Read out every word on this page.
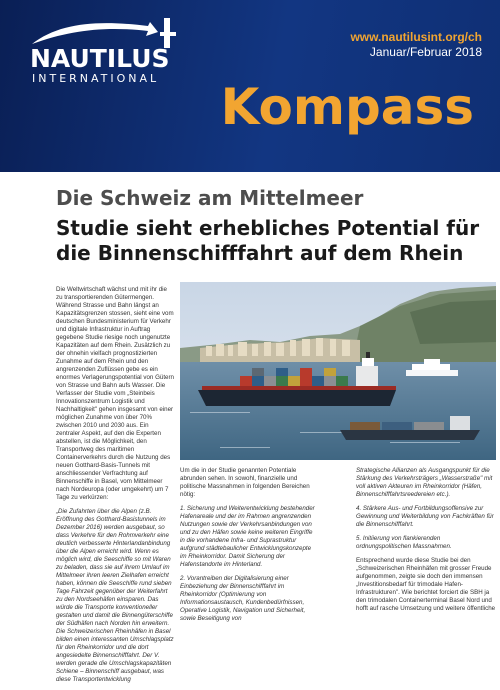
NAUTILUS
INTERNATIONAL
www.nautilusint.org/ch
Januar/Februar 2018
Kompass
Die Schweiz am Mittelmeer
Studie sieht erhebliches Potential für
die Binnenschifffahrt auf dem Rhein

Die Weltwirtschaft wächst und mit ihr die zu transportierenden Gütermengen. Während Strasse und Bahn längst an Kapazitätsgrenzen stossen, sieht eine vom deutschen Bundesministerium für Verkehr und digitale Infrastruktur in Auftrag gegebene Studie riesige noch ungenutzte Kapazitäten auf dem Rhein. Zusätzlich zu der ohnehin vielfach prognostizierten Zunahme auf dem Rhein und den angrenzenden Zuflüssen gebe es ein enormes Verlagerungspotential von Gütern von Strasse und Bahn aufs Wasser. Die Verfasser der Studie vom „Steinbeis Innovationszentrum Logistik und Nachhaltigkeit" gehen insgesamt von einer möglichen Zunahme von über 70% zwischen 2010 und 2030 aus. Ein zentraler Aspekt, auf den die Experten abstellen, ist die Möglichkeit, den Transportweg des maritimen Containerverkehrs durch die Nutzung des neuen Gotthard-Basis-Tunnels mit anschliessender Verfrachtung auf Binnenschiffe in Basel, vom Mittelmeer nach Nordeuropa (oder umgekehrt) um 7 Tage zu verkürzen:

„Die Zufahrten über die Alpen (z.B. Eröffnung des Gotthard-Basistunnels im Dezember 2016) werden ausgebaut, so dass Verkehre für den Rohmverkehr eine deutlich verbesserte Hinterlandanbindung über die Alpen erreicht wird. Wenn es möglich wird, die Seeschiffe so mit Waren zu beladen, dass sie auf ihrem Umlauf im Mittelmeer ihren leeren Zielhafen erreicht haben, können die Seeschiffe rund sieben Tage Fahrzeit gegenüber der Weiterfahrt zu den Nordseehäfen einsparen. Das würde die Transporte konventioneller gestalten und damit die Binnengüterschiffe der Südhäfen nach Norden hin erweitern. Die Schweizerischen Rheinhäfen in Basel bilden einen interessanten Umschlagsplatz für den Rheinkorridor und die dort angesiedelte Binnenschifffahrt. Der V. werden gerade die Umschlagskapazitäten Schiene – Binnenschiff ausgebaut, was diese Transportentwicklung

Um die in der Studie genannten Potentiale abrunden sehen. In sowohl, finanzielle und politische Massnahmen in folgenden Bereichen nötig:

1. Sicherung und Weiterentwicklung bestehender Hafenareale und der im Rahmen angrenzenden Nutzungen sowie der Verkehrsanbindungen von und zu den Häfen sowie keine weiteren Eingriffe in die vorhandene Infra- und Suprastruktur aufgrund städtebaulicher Entwicklungskonzepte im Rheinkorridor. Damit Sicherung der Hafenstandorte im Hinterland.

2. Vorantreiben der Digitalisierung einer Einbeziehung der Binnenschifffahrt im Rheinkorridor (Optimierung von Informationsaustausch, Kundenbedürfnissen, Operative Logistik, Navigation und Sicherheit, sowie Beseitigung von

Strategische Allianzen als Ausgangspunkt für die Stärkung des Verkehrsträgers „Wasserstraße" mit voll aktiven Akteuren im Rheinkorridor (Häfen, Binnenschifffahrtsreedereien etc.).

4. Stärkere Aus- und Fortbildungsoffensive zur Gewinnung und Weiterbildung von Fachkräften für die Binnenschifffahrt.

5. Initiierung von flankierenden ordnungspolitischen Massnahmen.

Entsprechend wurde diese Studie bei den „Schweizerischen Rheinhäfen mit grosser Freude aufgenommen, zeigte sie doch den immensen „Investitionsbedarf für trimodale Hafen-Infrastrukturen". Wie berichtet forciert die SBH ja den trimodalen Containerterminal Basel Nord und hofft auf rasche Umsetzung und weitere öffentliche
